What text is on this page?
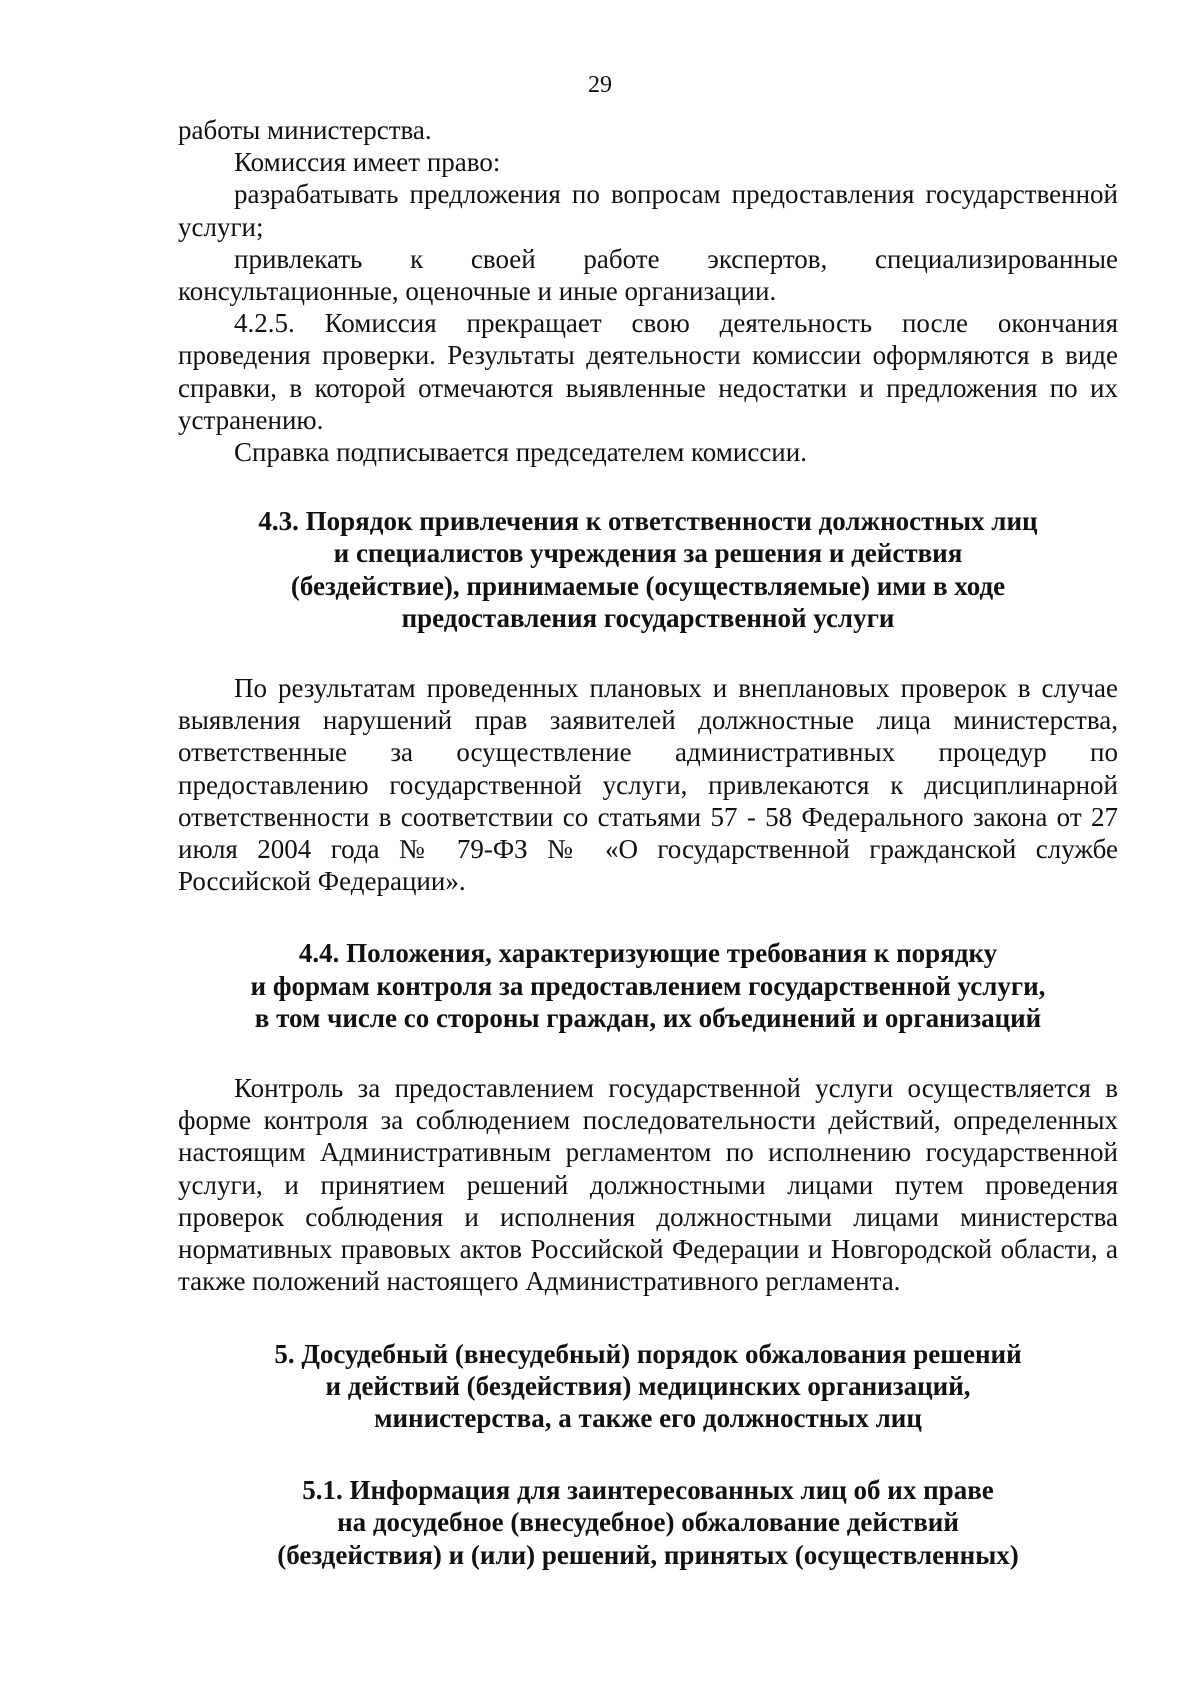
29

работы министерства.

Комиссия имеет право:

разрабатывать предложения по вопросам предоставления государственной услуги;

привлекать к своей работе экспертов, специализированные консультационные, оценочные и иные организации.

4.2.5. Комиссия прекращает свою деятельность после окончания проведения проверки. Результаты деятельности комиссии оформляются в виде справки, в которой отмечаются выявленные недостатки и предложения по их устранению.

Справка подписывается председателем комиссии.

4.3. Порядок привлечения к ответственности должностных лиц
и специалистов учреждения за решения и действия
(бездействие), принимаемые (осуществляемые) ими в ходе
предоставления государственной услуги

По результатам проведенных плановых и внеплановых проверок в случае выявления нарушений прав заявителей должностные лица министерства, ответственные за осуществление административных процедур по предоставлению государственной услуги, привлекаются к дисциплинарной ответственности в соответствии со статьями 57 - 58 Федерального закона от 27 июля 2004 года № 79-ФЗ № «О государственной гражданской службе Российской Федерации».

4.4. Положения, характеризующие требования к порядку
и формам контроля за предоставлением государственной услуги,
в том числе со стороны граждан, их объединений и организаций

Контроль за предоставлением государственной услуги осуществляется в форме контроля за соблюдением последовательности действий, определенных настоящим Административным регламентом по исполнению государственной услуги, и принятием решений должностными лицами путем проведения проверок соблюдения и исполнения должностными лицами министерства нормативных правовых актов Российской Федерации и Новгородской области, а также положений настоящего Административного регламента.

5. Досудебный (внесудебный) порядок обжалования решений
и действий (бездействия) медицинских организаций,
министерства, а также его должностных лиц
5.1. Информация для заинтересованных лиц об их праве
на досудебное (внесудебное) обжалование действий
(бездействия) и (или) решений, принятых (осуществленных)
